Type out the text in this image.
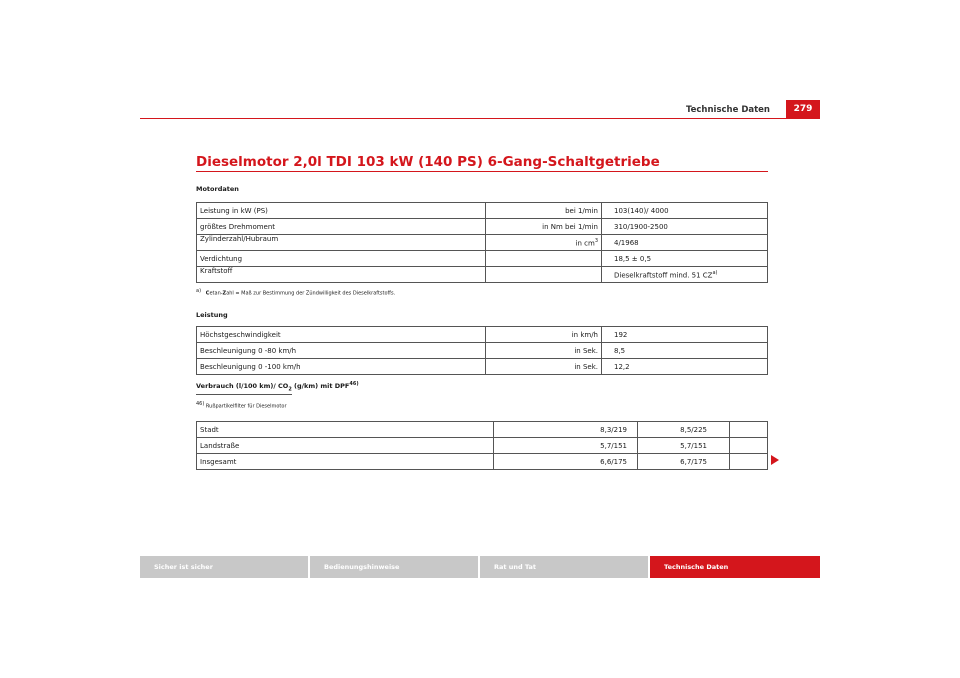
Technische Daten	279
Dieselmotor 2,0l TDI 103 kW (140 PS) 6-Gang-Schaltgetriebe
Motordaten
Leistung in kW (PS)	bei 1/min	103(140)/ 4000
größtes Drehmoment	in Nm bei 1/min	310/1900-2500
Zylinderzahl/Hubraum	in $cm^3$	4/1968
Verdichtung		18,5 ± 0,5
Kraftstoff		Dieselkraftstoff mind. 51 CZ$^{a)}$
$^{a)}$ Cetan-Zahl = Maß zur Bestimmung der Zündwilligkeit des Dieselkraftstoffs.
Leistung
Höchstgeschwindigkeit	in km/h	192
Beschleunigung 0 -80 km/h	in Sek.	8,5
Beschleunigung 0 -100 km/h	in Sek.	12,2
Verbrauch (l/100 km)/ $CO_2$ (g/km) mit DPF$^{46)}$
$^{46)}$ Rußpartikelfilter für Dieselmotor
Stadt	8,3/219	8,5/225	
Landstraße	5,7/151	5,7/151	
Insgesamt	6,6/175	6,7/175	
Sicher ist sicher	Bedienungshinweise	Rat und Tat	Technische Daten
